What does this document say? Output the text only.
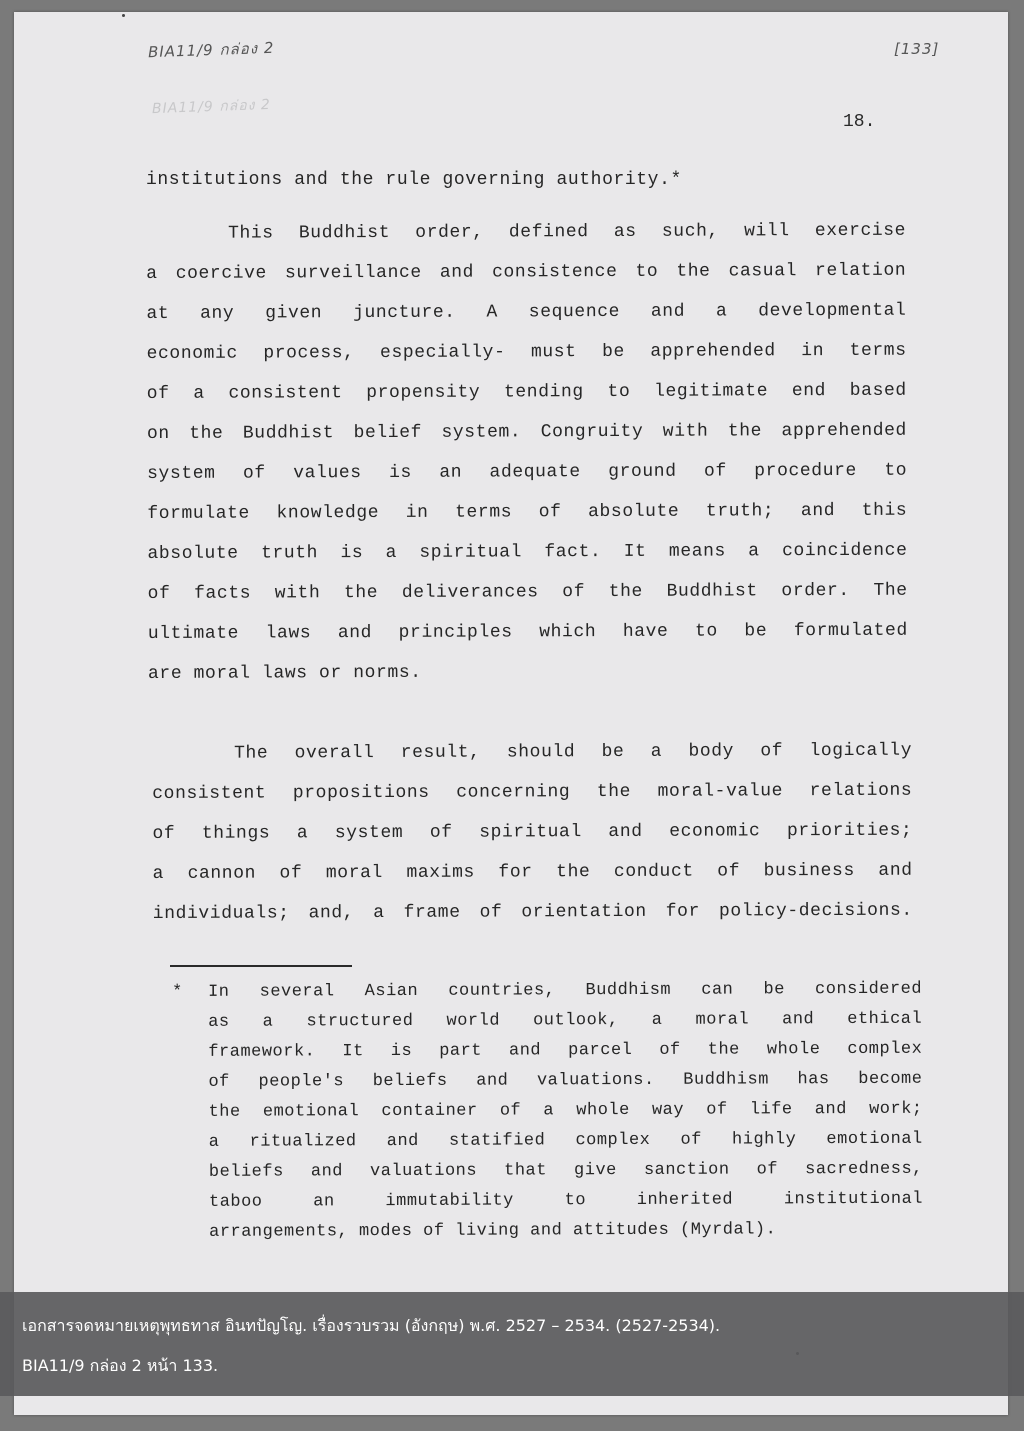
BIA11/9 กล่อง 2
BIA11/9 กล่อง 2
[133]
18.
institutions and the rule governing authority.*
This Buddhist order, defined as such, will exercise
a coercive surveillance and consistence to the casual relation
at any given juncture. A sequence and a developmental
economic process, especially- must be apprehended in terms
of a consistent propensity tending to legitimate end based
on the Buddhist belief system. Congruity with the apprehended
system of values is an adequate ground of procedure to
formulate knowledge in terms of absolute truth; and this
absolute truth is a spiritual fact. It means a coincidence
of facts with the deliverances of the Buddhist order. The
ultimate laws and principles which have to be formulated
are moral laws or norms.
The overall result, should be a body of logically
consistent propositions concerning the moral-value relations
of things a system of spiritual and economic priorities;
a cannon of moral maxims for the conduct of business and
individuals; and, a frame of orientation for policy-decisions.
* In several Asian countries, Buddhism can be considered
as a structured world outlook, a moral and ethical
framework. It is part and parcel of the whole complex
of people's beliefs and valuations. Buddhism has become
the emotional container of a whole way of life and work;
a ritualized and statified complex of highly emotional
beliefs and valuations that give sanction of sacredness,
taboo an immutability to inherited institutional
arrangements, modes of living and attitudes (Myrdal).
เอกสารจดหมายเหตุพุทธทาส อินทปัญโญ. เรื่องรวบรวม (อังกฤษ) พ.ศ. 2527 – 2534. (2527-2534).
BIA11/9 กล่อง 2 หน้า 133.
